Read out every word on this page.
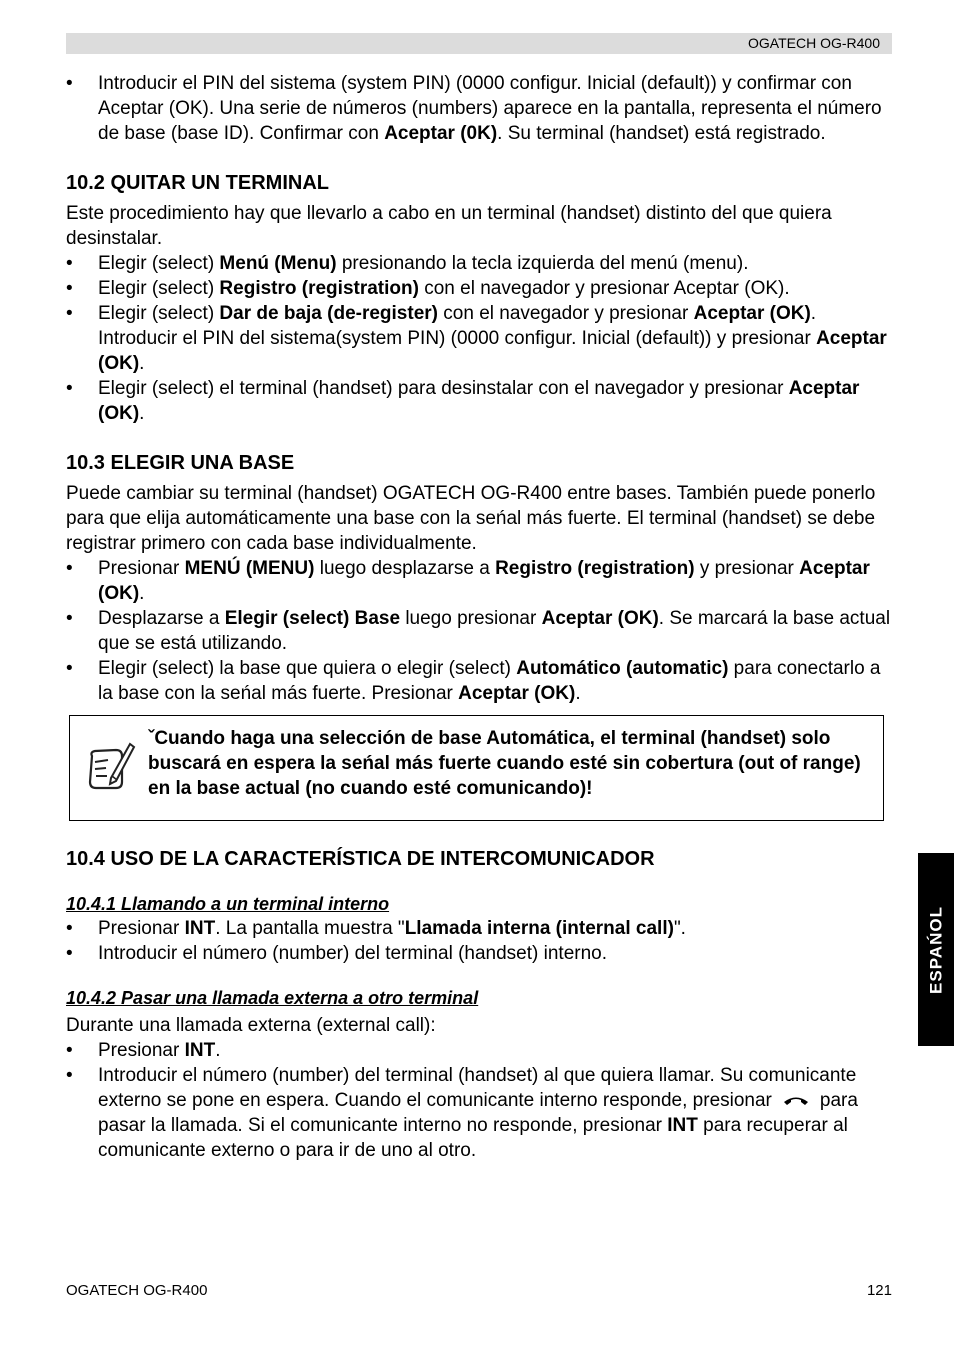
OGATECH OG-R400

• Introducir el PIN del sistema (system PIN) (0000 configur. Inicial (default)) y confirmar con Aceptar (OK). Una serie de números (numbers) aparece en la pantalla, representa el número de base (base ID). Confirmar con Aceptar (0K). Su terminal (handset) está registrado.

10.2 QUITAR UN TERMINAL

Este procedimiento hay que llevarlo a cabo en un terminal (handset) distinto del que quiera desinstalar.

• Elegir (select) Menú (Menu) presionando la tecla izquierda del menú (menu).

• Elegir (select) Registro (registration) con el navegador y presionar Aceptar (OK).

• Elegir (select) Dar de baja (de-register) con el navegador y presionar Aceptar (OK). Introducir el PIN del sistema(system PIN) (0000 configur. Inicial (default)) y presionar Aceptar (OK).

• Elegir (select) el terminal (handset) para desinstalar con el navegador y presionar Aceptar (OK).

10.3 ELEGIR UNA BASE

Puede cambiar su terminal (handset) OGATECH OG-R400 entre bases. También puede ponerlo para que elija automáticamente una base con la seńal más fuerte. El terminal (handset) se debe registrar primero con cada base individualmente.

• Presionar MENÚ (MENU) luego desplazarse a Registro (registration) y presionar Aceptar (OK).

• Desplazarse a Elegir (select) Base luego presionar Aceptar (OK). Se marcará la base actual que se está utilizando.

• Elegir (select) la base que quiera o elegir (select) Automático (automatic) para conectarlo a la base con la seńal más fuerte. Presionar Aceptar (OK).

ˇCuando haga una selección de base Automática, el terminal (handset) solo buscará en espera la seńal más fuerte cuando esté sin cobertura (out of range) en la base actual (no cuando esté comunicando)!
10.4 USO DE LA CARACTERÍSTICA DE INTERCOMUNICADOR
10.4.1 Llamando a un terminal interno

• Presionar INT. La pantalla muestra "Llamada interna (internal call)".

• Introducir el número (number) del terminal (handset) interno.

10.4.2 Pasar una llamada externa a otro terminal

Durante una llamada externa (external call):

• Presionar INT.

• Introducir el número (number) del terminal (handset) al que quiera llamar. Su comunicante externo se pone en espera. Cuando el comunicante interno responde, presionar	para pasar la llamada. Si el comunicante interno no responde, presionar INT para recuperar al comunicante externo o para ir de uno al otro.

ESPAŃOL
OGATECH OG-R400	121
